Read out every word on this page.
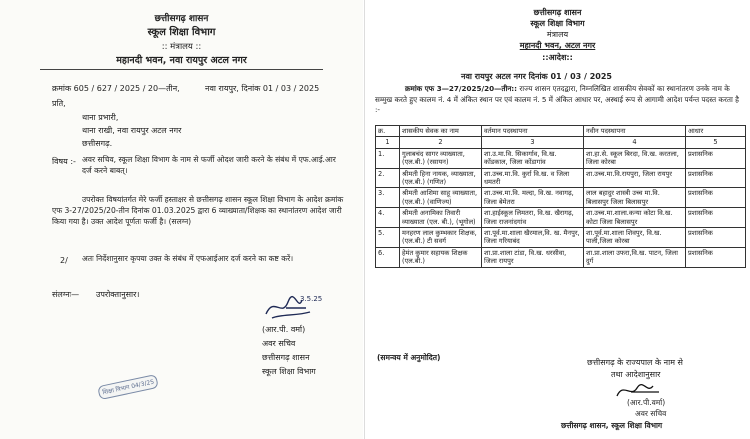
छत्तीसगढ़ शासन
स्कूल शिक्षा विभाग
:: मंत्रालय ::
महानदी भवन, नवा रायपुर अटल नगर
क्रमांक 605 / 627 / 2025 / 20—तीन,	नवा रायपुर, दिनांक 01 / 03 / 2025
प्रति,
थाना प्रभारी,
थाना राखी, नवा रायपुर अटल नगर
छत्तीसगढ़.
विषय :- अवर सचिव, स्कूल शिक्षा विभाग के नाम से फर्जी ओदश जारी करने के संबंध में एफ.आई.आर दर्ज करने बाबत्।
उपरोक्त विषयांतर्गत मेरे फर्जी हस्ताक्षर से छत्तीसगढ़ शासन स्कूल शिक्षा विभाग के आदेश क्रमांक एफ 3-27/2025/20-तीन दिनांक 01.03.2025 द्वारा 6 व्याख्याता/शिक्षक का स्थानांतरण आदेश जारी किया गया है। उक्त आदेश पूर्णतः फर्जी है। (सलग्न)
2/	अतः निर्देशानुसार कृपया उक्त के संबंध में एफआईआर दर्ज करने का कष्ट करें।
संलग्नः— उपरोक्तानुसार।	3.5.25
(आर.पी. वर्मा)
अवर सचिव
छत्तीसगढ़ शासन
स्कूल शिक्षा विभाग
शिक्षा विभाग 04/3/25
छत्तीसगढ़ शासन
स्कूल शिक्षा विभाग
मंत्रालय
महानदी भवन, अटल नगर
::आदेश::
नवा रायपुर अटल नगर दिनांक 01 / 03 / 2025
क्रमांक एफ 3—27/2025/20—तीन:: राज्य शासन एतदद्वारा, निम्नलिखित शासकीय सेवकों का स्थानांतरण उनके नाम के सम्मुख करते हुए कालम नं. 4 में अंकित स्थान पर एवं कालम नं. 5 में अंकित आधार पर, अस्थाई रूप से आगामी आदेश पर्यन्त पदस्त करता है :-
क्र.	शासकीय सेवक का नाम	वर्तमान पदस्थापना	नवीन पदस्थापना	आधार
1	2	3	4	5
1.	गुलाबचंद सागर व्याख्याता, (एल.बी.) (रसायन)	शा.उ.मा.वि. सिकार्गाव, वि.ख. कोंडकाल, जिला कोंडागांव	शा.हा.से. स्कूल बिरदा, वि.ख. करतला, जिला कोरबा	प्रशासनिक
2.	श्रीमती हिना नायक, व्याख्याता, (एल.बी.) (गणित)	शा.उच्च.मा.वि. कुर्रा वि.ख. व जिला धमतरी	शा.उच्च.मा.वि.रायपुरा, जिला रायपुर	प्रशासनिक
3.	श्रीमती आशिमा साहू व्याख्याता, (एल.बी.) (वाणिज्य)	शा.उच्च.मा.वि. मल्दा, वि.ख. नवागढ़, जिला बेमेतरा	लाल बहादुर शास्त्री उच्च मा.वि. बिलासपुर जिला बिलासपुर	प्रशासनिक
4.	श्रीमती अनामिका तिवारी व्याख्याता (एल. बी.), (भूगोल)	शा.हाईस्कूल लिमतरा, वि.ख. खैरागढ़, जिला राजनांदगांव	शा.उच्च.मा.शाला.कन्या कोटा वि.ख. कोटा जिला बिलासपुर	प्रशासनिक
5.	मनहरण लाल कुम्भकार शिक्षक, (एल.बी.) टी सवर्ग	शा.पूर्व.मा.शाला खैरमाल,वि. ख. मैनपुर, जिला गरियाबंद	शा.पूर्व.मा.शाला शिवपुर, वि.ख. पाली,जिला कोरबा	प्रशासनिक
6.	हेमंत कुमार सहायक शिक्षक (एल.बी.)	शा.प्रा.शाला टांडा, वि.ख. धरसीवा, जिला रायपुर	शा.प्रा.शाला उफरा,वि.ख. पाटन, जिला दुर्ग	प्रशासनिक
(समन्वय में अनुमोदित)
छत्तीसगढ़ के राज्यपाल के नाम से
तथा आदेशानुसार
(आर.पी.वर्मा)
अवर सचिव
छत्तीसगढ़ शासन, स्कूल शिक्षा विभाग
